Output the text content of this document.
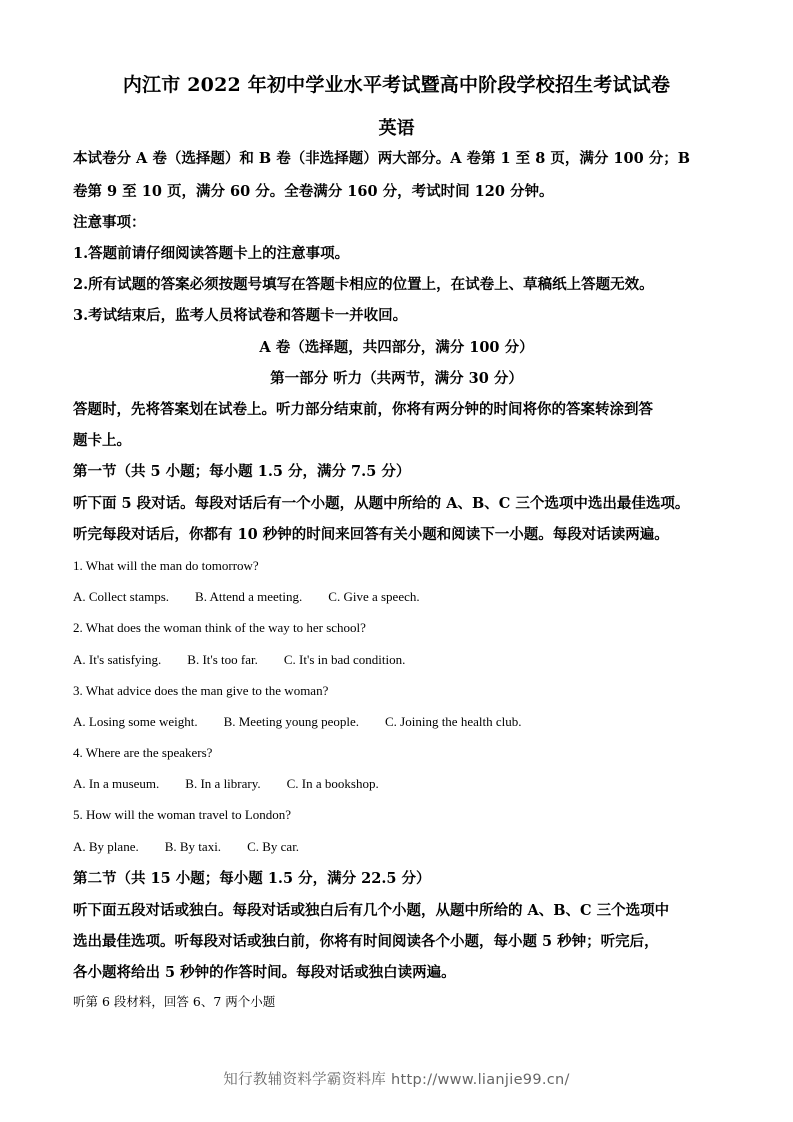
内江市 2022 年初中学业水平考试暨高中阶段学校招生考试试卷
英语
本试卷分 A 卷（选择题）和 B 卷（非选择题）两大部分。A 卷第 1 至 8 页，满分 100 分；B
卷第 9 至 10 页，满分 60 分。全卷满分 160 分，考试时间 120 分钟。
注意事项：
1.答题前请仔细阅读答题卡上的注意事项。
2.所有试题的答案必须按题号填写在答题卡相应的位置上，在试卷上、草稿纸上答题无效。
3.考试结束后，监考人员将试卷和答题卡一并收回。
A 卷（选择题，共四部分，满分 100 分）
第一部分 听力（共两节，满分 30 分）
答题时，先将答案划在试卷上。听力部分结束前，你将有两分钟的时间将你的答案转涂到答
题卡上。
第一节（共 5 小题；每小题 1.5 分，满分 7.5 分）
听下面 5 段对话。每段对话后有一个小题，从题中所给的 A、B、C 三个选项中选出最佳选项。
听完每段对话后，你都有 10 秒钟的时间来回答有关小题和阅读下一小题。每段对话读两遍。
1. What will the man do tomorrow?
A. Collect stamps. B. Attend a meeting. C. Give a speech.
2. What does the woman think of the way to her school?
A. It's satisfying. B. It's too far. C. It's in bad condition.
3. What advice does the man give to the woman?
A. Losing some weight. B. Meeting young people. C. Joining the health club.
4. Where are the speakers?
A. In a museum. B. In a library. C. In a bookshop.
5. How will the woman travel to London?
A. By plane. B. By taxi. C. By car.
第二节（共 15 小题；每小题 1.5 分，满分 22.5 分）
听下面五段对话或独白。每段对话或独白后有几个小题，从题中所给的 A、B、C 三个选项中
选出最佳选项。听每段对话或独白前，你将有时间阅读各个小题，每小题 5 秒钟；听完后，
各小题将给出 5 秒钟的作答时间。每段对话或独白读两遍。
听第 6 段材料，回答 6、7 两个小题
知行教辅资料学霸资料库 http://www.lianjie99.cn/
